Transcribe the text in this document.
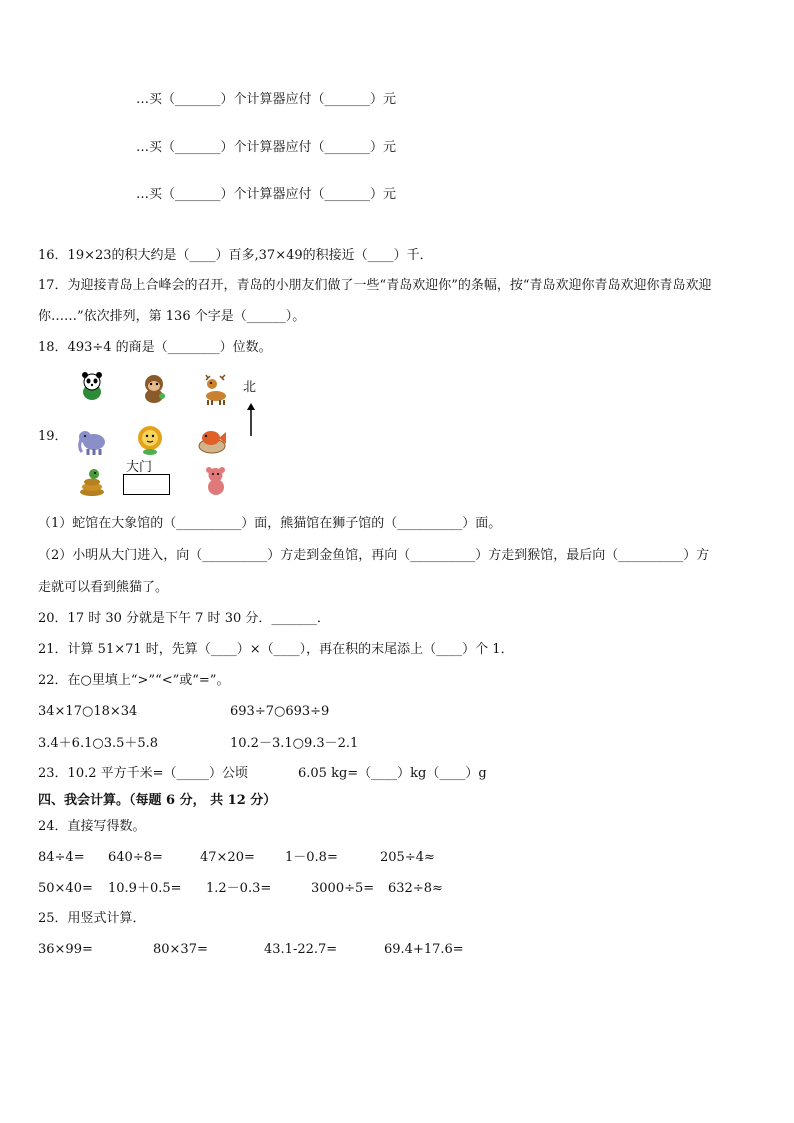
…买（_______）个计算器应付（_______）元
…买（_______）个计算器应付（_______）元
…买（_______）个计算器应付（_______）元
16．19×23的积大约是（____）百多,37×49的积接近（____）千．
17．为迎接青岛上合峰会的召开，青岛的小朋友们做了一些“青岛欢迎你”的条幅，按“青岛欢迎你青岛欢迎你青岛欢迎
你……”依次排列，第 136 个字是（______）。
18．493÷4 的商是（________）位数。
19．
北
大门
（1）蛇馆在大象馆的（__________）面，熊猫馆在狮子馆的（__________）面。
（2）小明从大门进入，向（__________）方走到金鱼馆，再向（__________）方走到猴馆，最后向（__________）方
走就可以看到熊猫了。
20．17 时 30 分就是下午 7 时 30 分．_______．
21．计算 51×71 时，先算（____）×（____），再在积的末尾添上（____）个 1．
22．在○里填上“>”“<”或“=”。
34×17○18×34	693÷7○693÷9
3.4＋6.1○3.5＋5.8	10.2－3.1○9.3－2.1
23．10.2 平方千米=（_____）公顷	6.05 kg=（____）kg（____）g
四、我会计算。（每题 6 分， 共 12 分）
24．直接写得数。
84÷4= 640÷8=	47×20= 1－0.8=	205÷4≈
50×40= 10.9＋0.5= 1.2－0.3=	3000÷5= 632÷8≈
25．用竖式计算．
36×99=	80×37=	43.1-22.7=	69.4+17.6=
